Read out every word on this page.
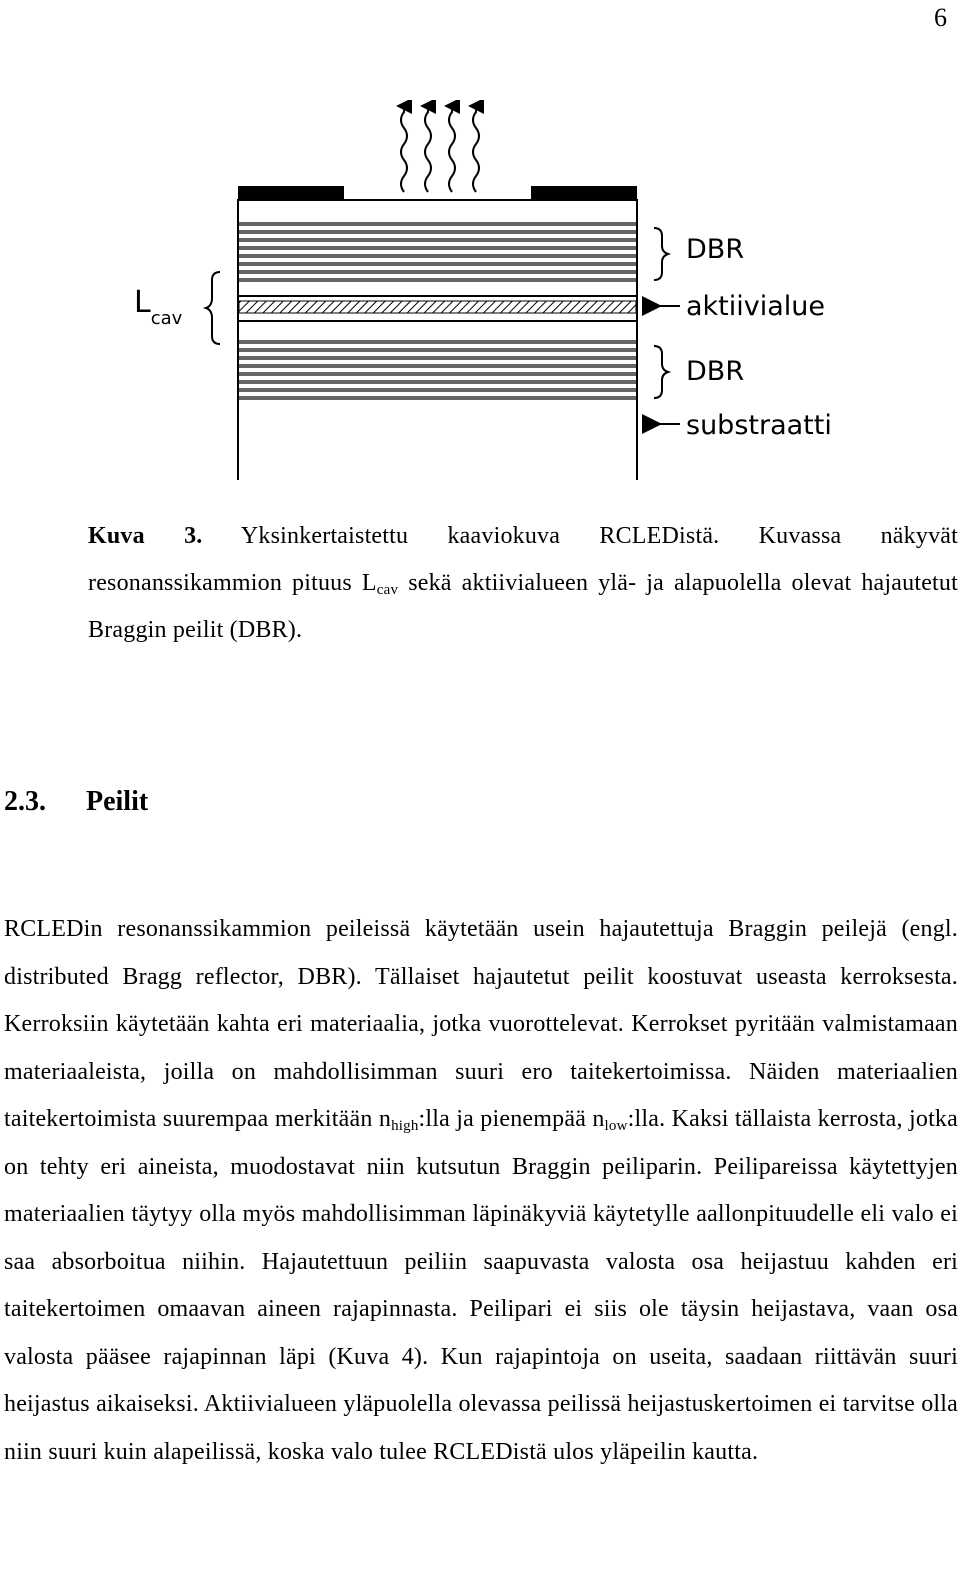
6
DBR
aktiivialue
DBR
substraatti
$L_{cav}$
Kuva 3. Yksinkertaistettu kaaviokuva RCLEDistä. Kuvassa näkyvät resonanssikammion pituus $L_{cav}$ sekä aktiivialueen ylä- ja alapuolella olevat hajautetut Braggin peilit (DBR).
2.3. Peilit
RCLEDin resonanssikammion peileissä käytetään usein hajautettuja Braggin peilejä (engl. distributed Bragg reflector, DBR). Tällaiset hajautetut peilit koostuvat useasta kerroksesta. Kerroksiin käytetään kahta eri materiaalia, jotka vuorottelevat. Kerrokset pyritään valmistamaan materiaaleista, joilla on mahdollisimman suuri ero taitekertoimissa. Näiden materiaalien taitekertoimista suurempaa merkitään $n_{high}:lla$ ja pienempää $n_{low}:lla$. Kaksi tällaista kerrosta, jotka on tehty eri aineista, muodostavat niin kutsutun Braggin peiliparin. Peilipareissa käytettyjen materiaalien täytyy olla myös mahdollisimman läpinäkyviä käytetylle aallonpituudelle eli valo ei saa absorboitua niihin. Hajautettuun peiliin saapuvasta valosta osa heijastuu kahden eri taitekertoimen omaavan aineen rajapinnasta. Peilipari ei siis ole täysin heijastava, vaan osa valosta pääsee rajapinnan läpi (Kuva 4). Kun rajapintoja on useita, saadaan riittävän suuri heijastus aikaiseksi. Aktiivialueen yläpuolella olevassa peilissä heijastuskertoimen ei tarvitse olla niin suuri kuin alapeilissä, koska valo tulee RCLEDistä ulos yläpeilin kautta.
